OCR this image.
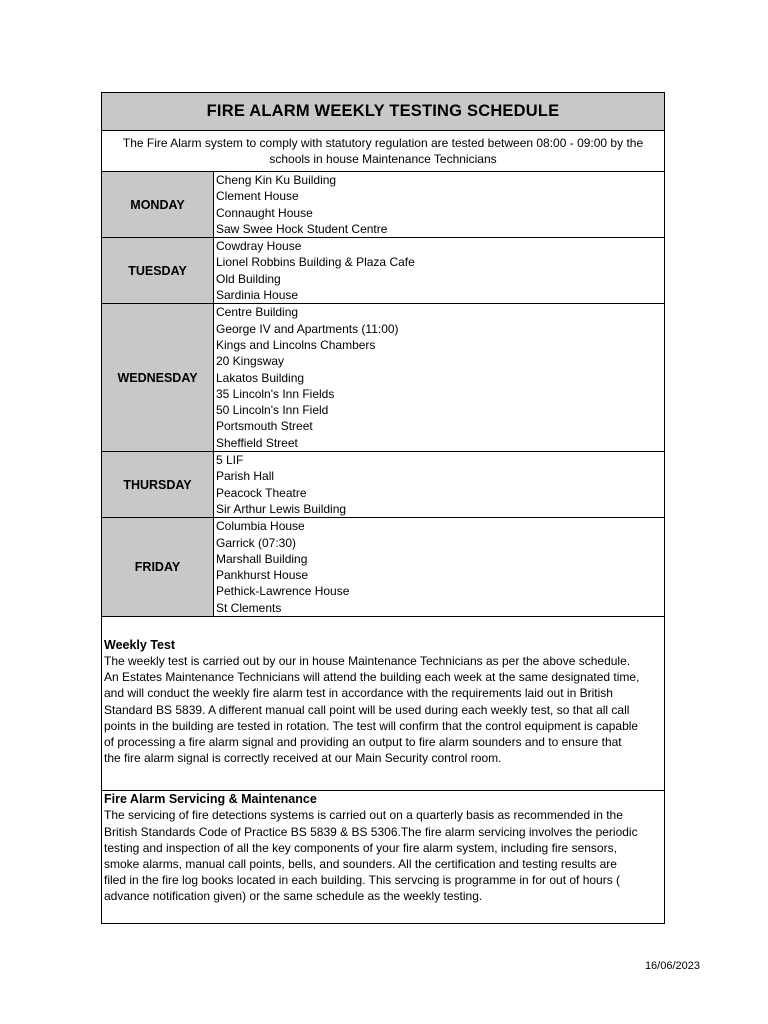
FIRE ALARM WEEKLY TESTING SCHEDULE
The Fire Alarm system to comply with statutory regulation are tested between 08:00 - 09:00 by the
schools in house Maintenance Technicians
MONDAY
Cheng Kin Ku Building
Clement House
Connaught House
Saw Swee Hock Student Centre
TUESDAY
Cowdray House
Lionel Robbins Building & Plaza Cafe
Old Building
Sardinia House
WEDNESDAY
Centre Building
George IV and Apartments (11:00)
Kings and Lincolns Chambers
20 Kingsway
Lakatos Building
35 Lincoln's Inn Fields
50 Lincoln's Inn Field
Portsmouth Street
Sheffield Street
THURSDAY
5 LIF
Parish Hall
Peacock Theatre
Sir Arthur Lewis Building
FRIDAY
Columbia House
Garrick (07:30)
Marshall Building
Pankhurst House
Pethick-Lawrence House
St Clements
Weekly Test
The weekly test is carried out by our in house Maintenance Technicians as per the above schedule.
An Estates Maintenance Technicians will attend the building each week at the same designated time,
and will conduct the weekly fire alarm test in accordance with the requirements laid out in British
Standard BS 5839. A different manual call point will be used during each weekly test, so that all call
points in the building are tested in rotation. The test will confirm that the control equipment is capable
of processing a fire alarm signal and providing an output to fire alarm sounders and to ensure that
the fire alarm signal is correctly received at our Main Security control room.
Fire Alarm Servicing & Maintenance
The servicing of fire detections systems is carried out on a quarterly basis as recommended in the
British Standards Code of Practice BS 5839 & BS 5306.The fire alarm servicing involves the periodic
testing and inspection of all the key components of your fire alarm system, including fire sensors,
smoke alarms, manual call points, bells, and sounders. All the certification and testing results are
filed in the fire log books located in each building. This servcing is programme in for out of hours (
advance notification given) or the same schedule as the weekly testing.
16/06/2023
